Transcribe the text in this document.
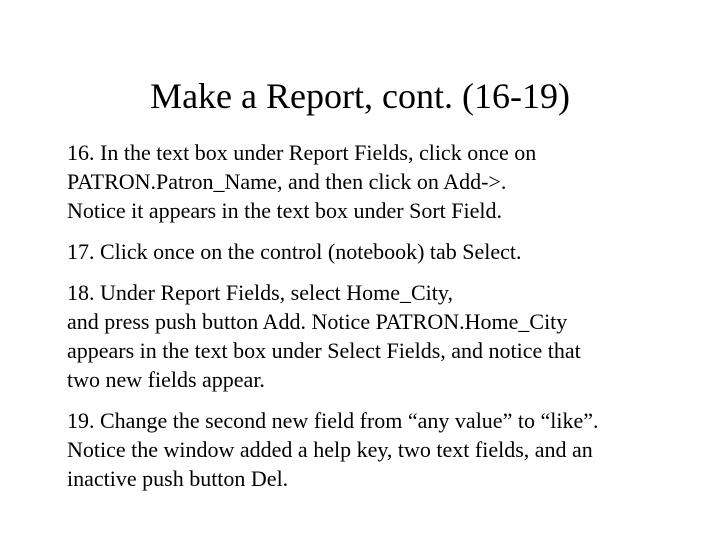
Make a Report, cont. (16-19)

16. In the text box under Report Fields, click once on
PATRON.Patron_Name, and then click on Add->.
Notice it appears in the text box under Sort Field.

17. Click once on the control (notebook) tab Select.

18. Under Report Fields, select Home_City,
and press push button Add. Notice PATRON.Home_City
appears in the text box under Select Fields, and notice that
two new fields appear.

19. Change the second new field from “any value” to “like”.
Notice the window added a help key, two text fields, and an
inactive push button Del.
